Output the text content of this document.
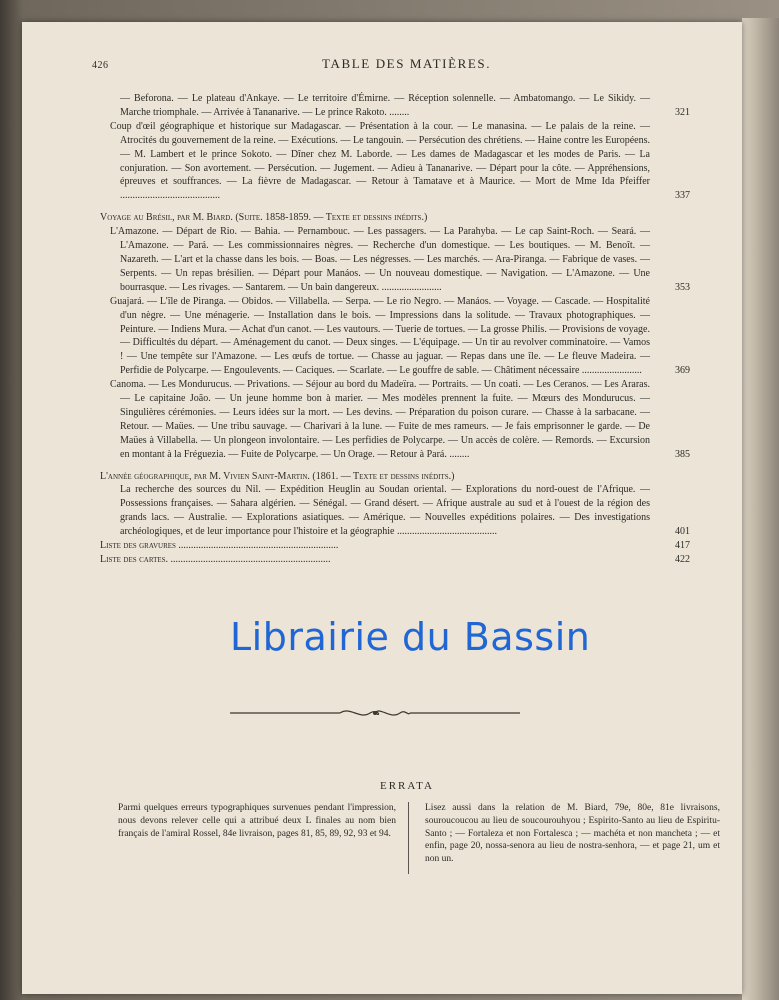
426	TABLE DES MATIÈRES.
— Beforona. — Le plateau d'Ankaye. — Le territoire d'Émirne. — Réception solennelle. — Ambatomango. — Le Sikidy. — Marche triomphale. — Arrivée à Tananarive. — Le prince Rakoto. ........	321
Coup d'œil géographique et historique sur Madagascar. — Présentation à la cour. — Le manasina. — Le palais de la reine. — Atrocités du gouvernement de la reine. — Exécutions. — Le tangouin. — Persécution des chrétiens. — Haine contre les Européens. — M. Lambert et le prince Sokoto. — Dîner chez M. Laborde. — Les dames de Madagascar et les modes de Paris. — La conjuration. — Son avortement. — Persécution. — Jugement. — Adieu à Tananarive. — Départ pour la côte. — Appréhensions, épreuves et souffrances. — La fièvre de Madagascar. — Retour à Tamatave et à Maurice. — Mort de Mme Ida Pfeiffer ........................................	337
Voyage au Brésil, par M. Biard. (Suite. 1858-1859. — Texte et dessins inédits.)
L'Amazone. — Départ de Rio. — Bahia. — Pernambouc. — Les passagers. — La Parahyba. — Le cap Saint-Roch. — Seará. — L'Amazone. — Pará. — Les commissionnaires nègres. — Recherche d'un domestique. — Les boutiques. — M. Benoît. — Nazareth. — L'art et la chasse dans les bois. — Boas. — Les négresses. — Les marchés. — Ara-Piranga. — Fabrique de vases. — Serpents. — Un repas brésilien. — Départ pour Manáos. — Un nouveau domestique. — Navigation. — L'Amazone. — Une bourrasque. — Les rivages. — Santarem. — Un bain dangereux. ........................	353
Guajará. — L'île de Piranga. — Obidos. — Villabella. — Serpa. — Le rio Negro. — Manáos. — Voyage. — Cascade. — Hospitalité d'un nègre. — Une ménagerie. — Installation dans le bois. — Impressions dans la solitude. — Travaux photographiques. — Peinture. — Indiens Mura. — Achat d'un canot. — Les vautours. — Tuerie de tortues. — La grosse Philis. — Provisions de voyage. — Difficultés du départ. — Aménagement du canot. — Deux singes. — L'équipage. — Un tir au revolver comminatoire. — Vamos ! — Une tempête sur l'Amazone. — Les œufs de tortue. — Chasse au jaguar. — Repas dans une île. — Le fleuve Madeira. — Perfidie de Polycarpe. — Engoulevents. — Caciques. — Scarlate. — Le gouffre de sable. — Châtiment nécessaire ........................	369
Canoma. — Les Mondurucus. — Privations. — Séjour au bord du Madeïra. — Portraits. — Un coati. — Les Ceranos. — Les Araras. — Le capitaine João. — Un jeune homme bon à marier. — Mes modèles prennent la fuite. — Mœurs des Mondurucus. — Singulières cérémonies. — Leurs idées sur la mort. — Les devins. — Préparation du poison curare. — Chasse à la sarbacane. — Retour. — Maües. — Une tribu sauvage. — Charivari à la lune. — Fuite de mes rameurs. — Je fais emprisonner le garde. — De Maües à Villabella. — Un plongeon involontaire. — Les perfidies de Polycarpe. — Un accès de colère. — Remords. — Excursion en montant à la Fréguezia. — Fuite de Polycarpe. — Un Orage. — Retour à Pará. ........	385
L'année géographique, par M. Vivien Saint-Martin. (1861. — Texte et dessins inédits.)
La recherche des sources du Nil. — Expédition Heuglin au Soudan oriental. — Explorations du nord-ouest de l'Afrique. — Possessions françaises. — Sahara algérien. — Sénégal. — Grand désert. — Afrique australe au sud et à l'ouest de la région des grands lacs. — Australie. — Explorations asiatiques. — Amérique. — Nouvelles expéditions polaires. — Des investigations archéologiques, et de leur importance pour l'histoire et la géographie ........................................	401
Liste des gravures ................................................................	417
Liste des cartes. ................................................................	422
Librairie du Bassin
ERRATA
Parmi quelques erreurs typographiques survenues pendant l'impression, nous devons relever celle qui a attribué deux L finales au nom bien français de l'amiral Rossel, 84e livraison, pages 81, 85, 89, 92, 93 et 94.
Lisez aussi dans la relation de M. Biard, 79e, 80e, 81e livraisons, souroucoucou au lieu de soucourouhyou ; Espirito-Santo au lieu de Espiritu-Santo ; — Fortaleza et non Fortalesca ; — machéta et non mancheta ; — et enfin, page 20, nossa-senora au lieu de nostra-senhora, — et page 21, um et non un.
